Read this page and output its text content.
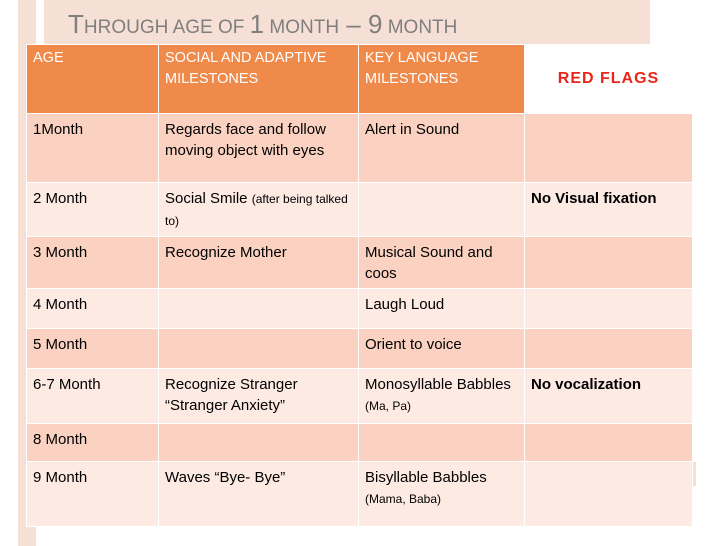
THROUGH AGE OF 1 MONTH – 9 MONTH
AGE	SOCIAL AND ADAPTIVE MILESTONES	KEY LANGUAGE MILESTONES	RED FLAGS
1Month	Regards face and follow moving object with eyes	Alert in Sound	
2 Month	Social Smile (after being talked to)		No Visual fixation
3 Month	Recognize Mother	Musical Sound and coos	
4 Month		Laugh Loud	
5 Month		Orient to voice	
6-7 Month	Recognize Stranger “Stranger Anxiety”	Monosyllable Babbles (Ma, Pa)	No vocalization
8 Month			
9 Month	Waves “Bye- Bye”	Bisyllable Babbles
(Mama, Baba)	
